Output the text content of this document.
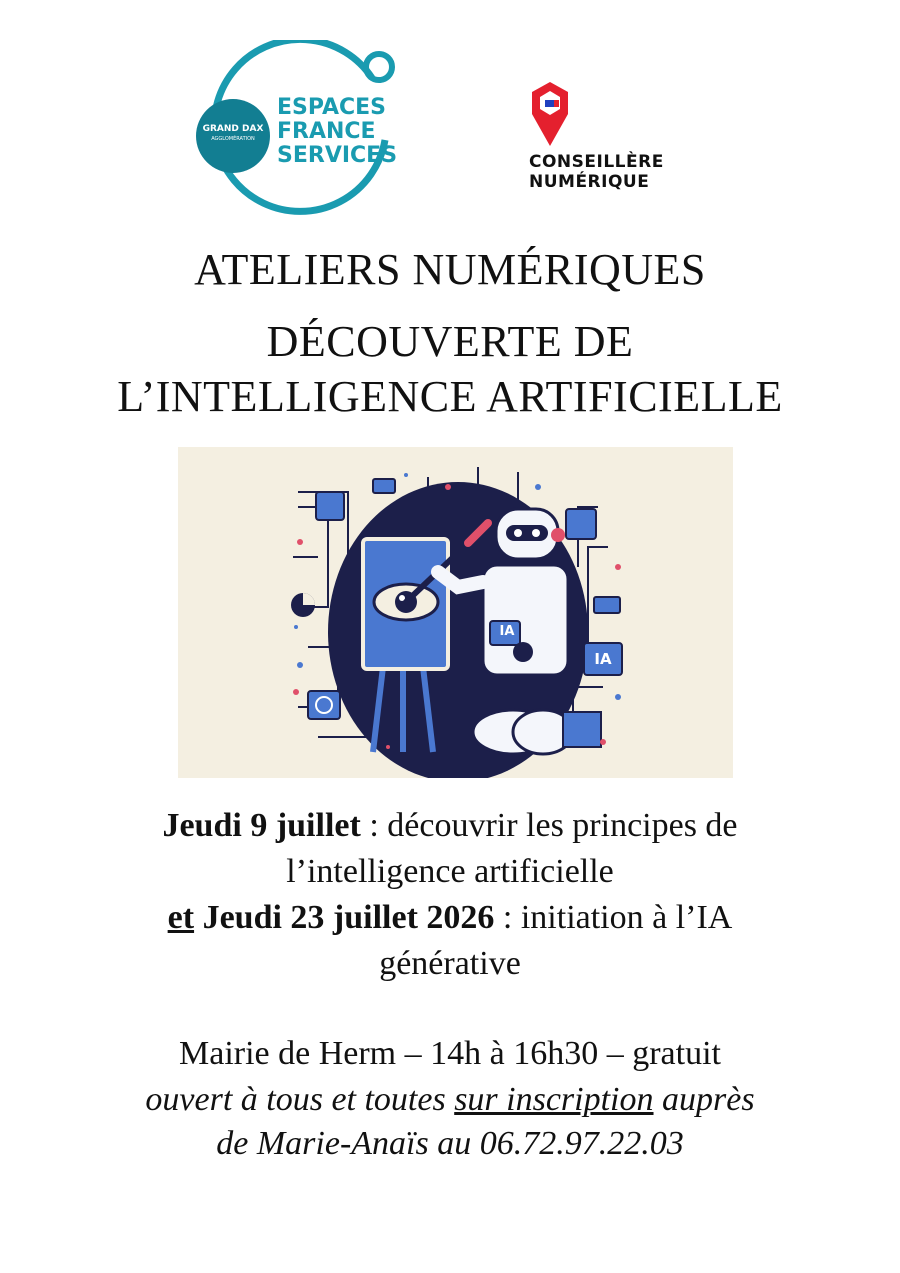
GRAND DAX
AGGLOMÉRATION
ESPACES
FRANCE
SERVICES	CONSEILLÈRE
NUMÉRIQUE
ATELIERS NUMÉRIQUES
DÉCOUVERTE DE
L’INTELLIGENCE ARTIFICIELLE
IA
IA
Jeudi 9 juillet : découvrir les principes de
l’intelligence artificielle
et Jeudi 23 juillet 2026 : initiation à l’IA
générative
Mairie de Herm – 14h à 16h30 – gratuit
ouvert à tous et toutes sur inscription auprès
de Marie-Anaïs au 06.72.97.22.03
